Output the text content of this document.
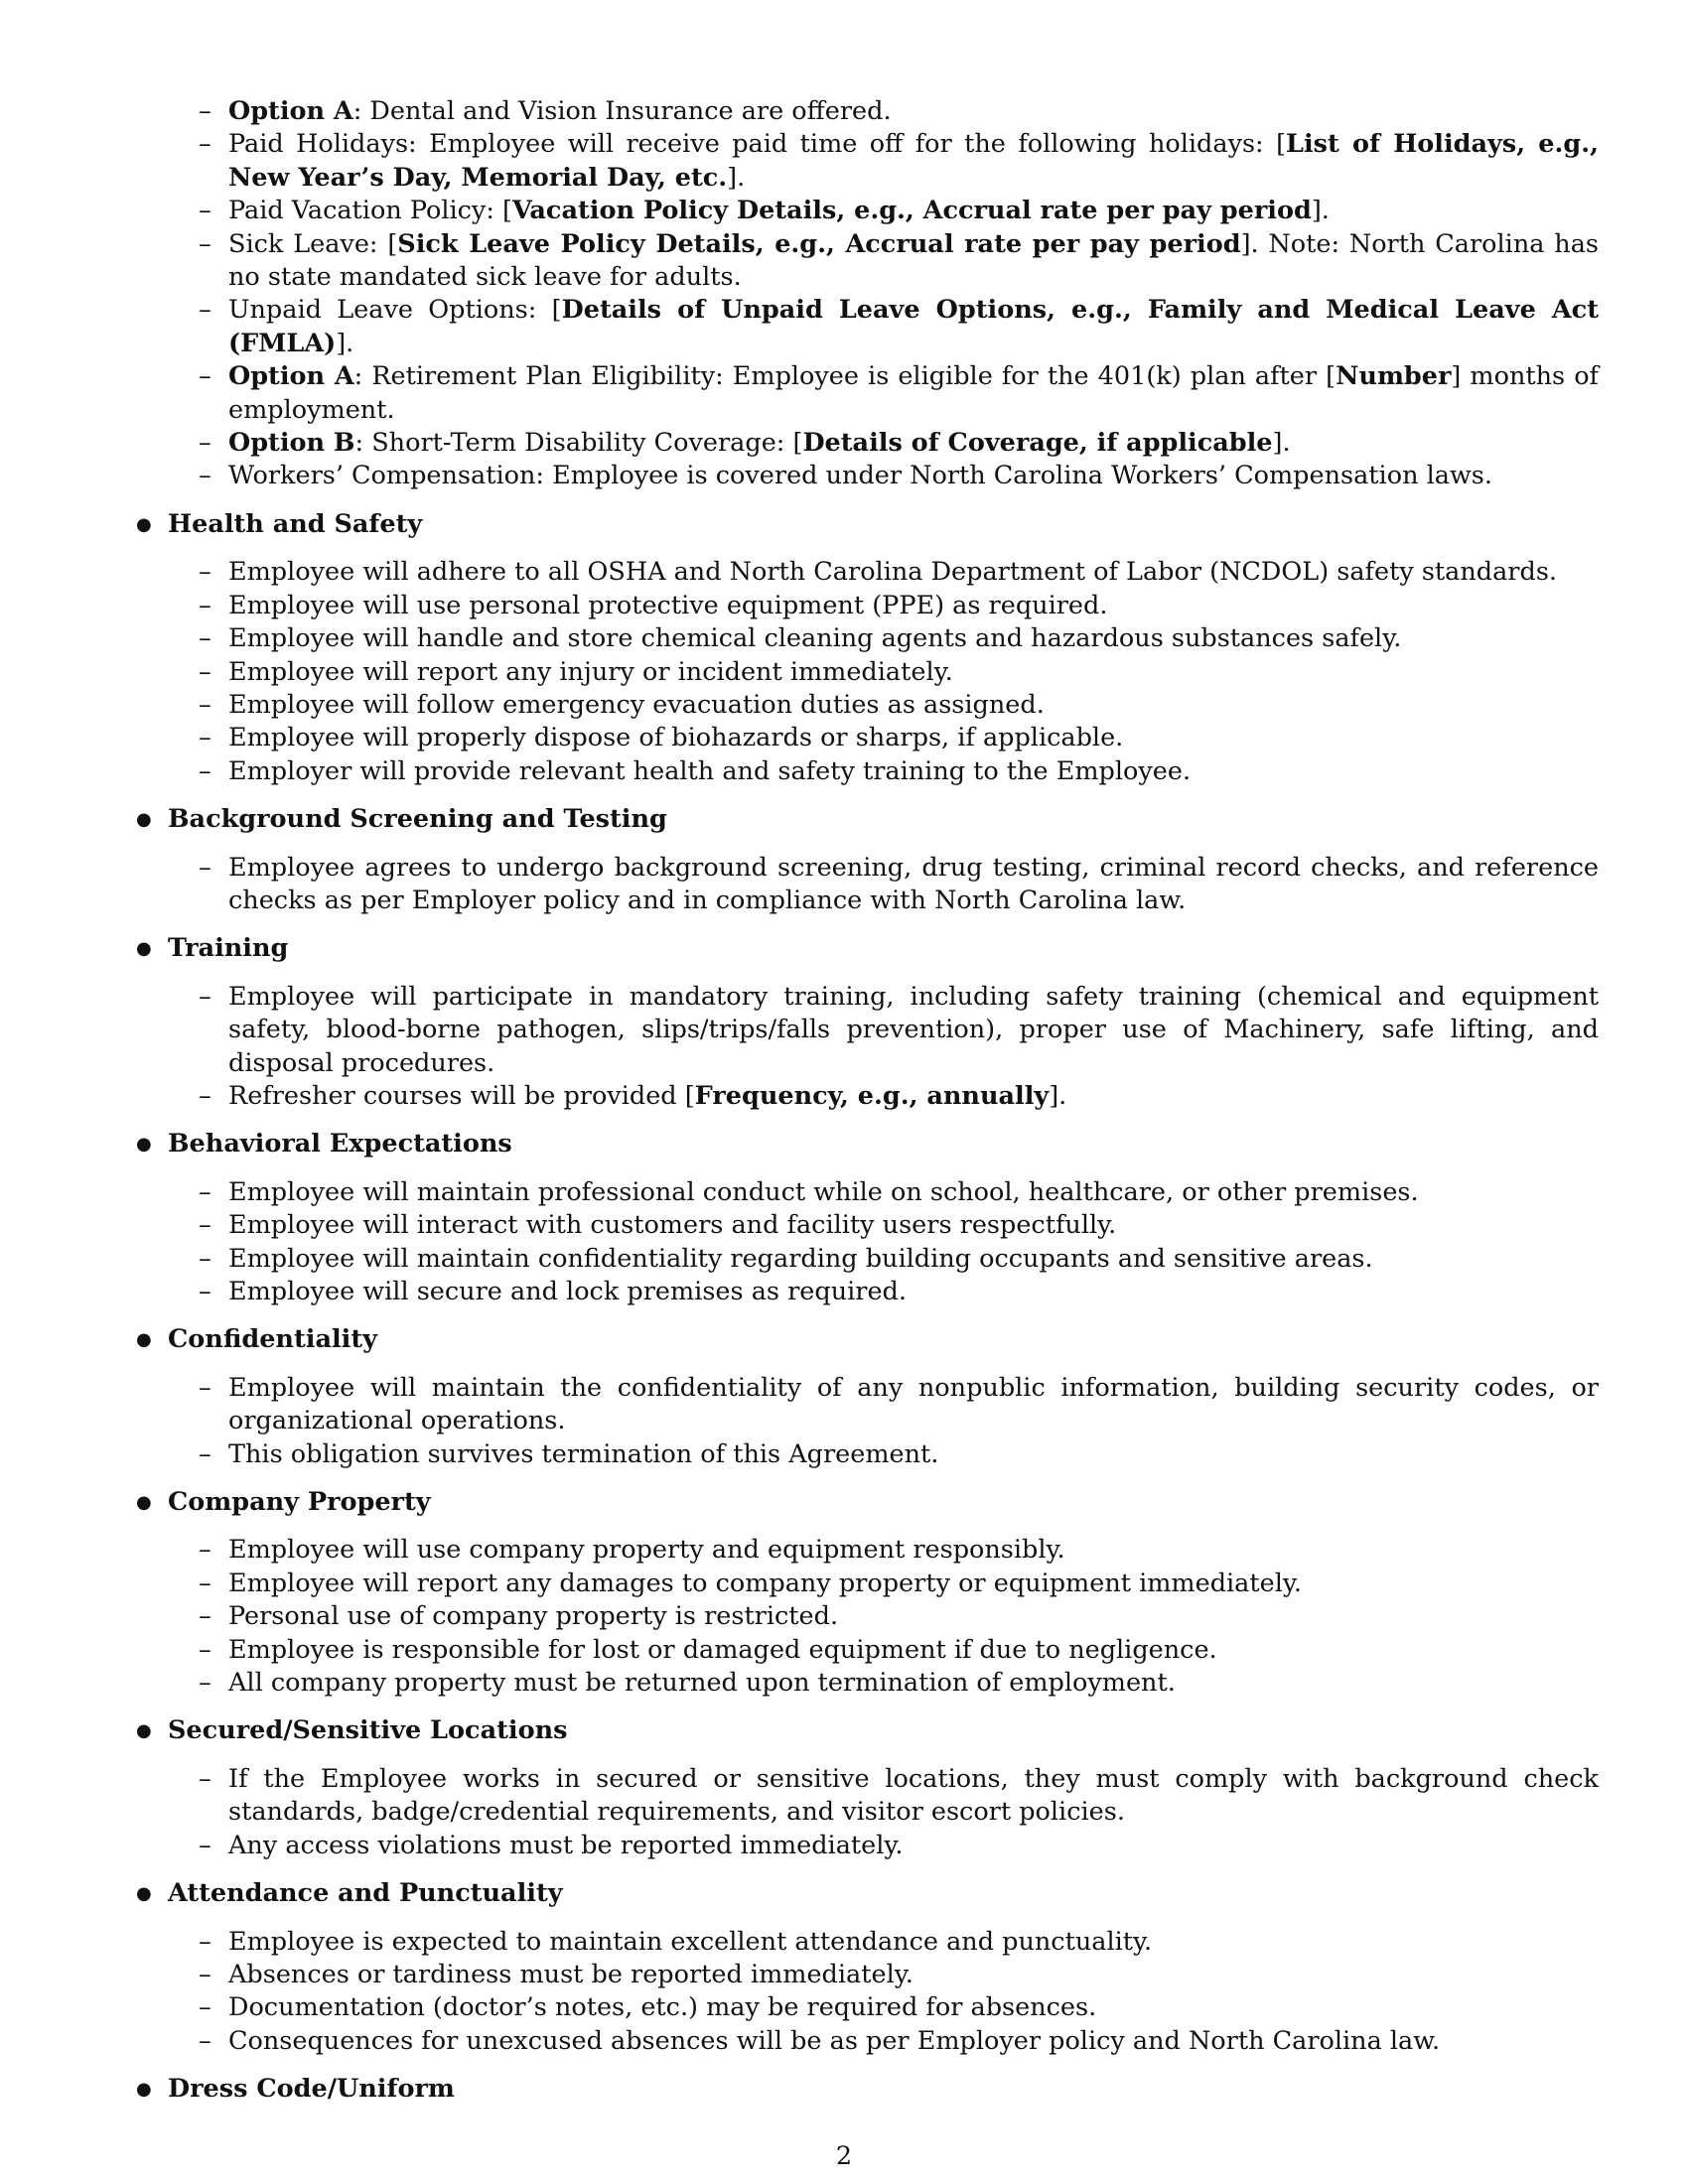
– Option A: Dental and Vision Insurance are offered.
– Paid Holidays: Employee will receive paid time off for the following holidays: [List of Holidays, e.g., New Year’s Day, Memorial Day, etc.].
– Paid Vacation Policy: [Vacation Policy Details, e.g., Accrual rate per pay period].
– Sick Leave: [Sick Leave Policy Details, e.g., Accrual rate per pay period]. Note: North Carolina has no state mandated sick leave for adults.
– Unpaid Leave Options: [Details of Unpaid Leave Options, e.g., Family and Medical Leave Act (FMLA)].
– Option A: Retirement Plan Eligibility: Employee is eligible for the 401(k) plan after [Number] months of employment.
– Option B: Short-Term Disability Coverage: [Details of Coverage, if applicable].
– Workers’ Compensation: Employee is covered under North Carolina Workers’ Compensation laws.
● Health and Safety
– Employee will adhere to all OSHA and North Carolina Department of Labor (NCDOL) safety standards.
– Employee will use personal protective equipment (PPE) as required.
– Employee will handle and store chemical cleaning agents and hazardous substances safely.
– Employee will report any injury or incident immediately.
– Employee will follow emergency evacuation duties as assigned.
– Employee will properly dispose of biohazards or sharps, if applicable.
– Employer will provide relevant health and safety training to the Employee.
● Background Screening and Testing
– Employee agrees to undergo background screening, drug testing, criminal record checks, and reference checks as per Employer policy and in compliance with North Carolina law.
● Training
– Employee will participate in mandatory training, including safety training (chemical and equipment safety, blood-borne pathogen, slips/trips/falls prevention), proper use of Machinery, safe lifting, and disposal procedures.
– Refresher courses will be provided [Frequency, e.g., annually].
● Behavioral Expectations
– Employee will maintain professional conduct while on school, healthcare, or other premises.
– Employee will interact with customers and facility users respectfully.
– Employee will maintain confidentiality regarding building occupants and sensitive areas.
– Employee will secure and lock premises as required.
● Confidentiality
– Employee will maintain the confidentiality of any nonpublic information, building security codes, or organizational operations.
– This obligation survives termination of this Agreement.
● Company Property
– Employee will use company property and equipment responsibly.
– Employee will report any damages to company property or equipment immediately.
– Personal use of company property is restricted.
– Employee is responsible for lost or damaged equipment if due to negligence.
– All company property must be returned upon termination of employment.
● Secured/Sensitive Locations
– If the Employee works in secured or sensitive locations, they must comply with background check standards, badge/credential requirements, and visitor escort policies.
– Any access violations must be reported immediately.
● Attendance and Punctuality
– Employee is expected to maintain excellent attendance and punctuality.
– Absences or tardiness must be reported immediately.
– Documentation (doctor’s notes, etc.) may be required for absences.
– Consequences for unexcused absences will be as per Employer policy and North Carolina law.
● Dress Code/Uniform
2
